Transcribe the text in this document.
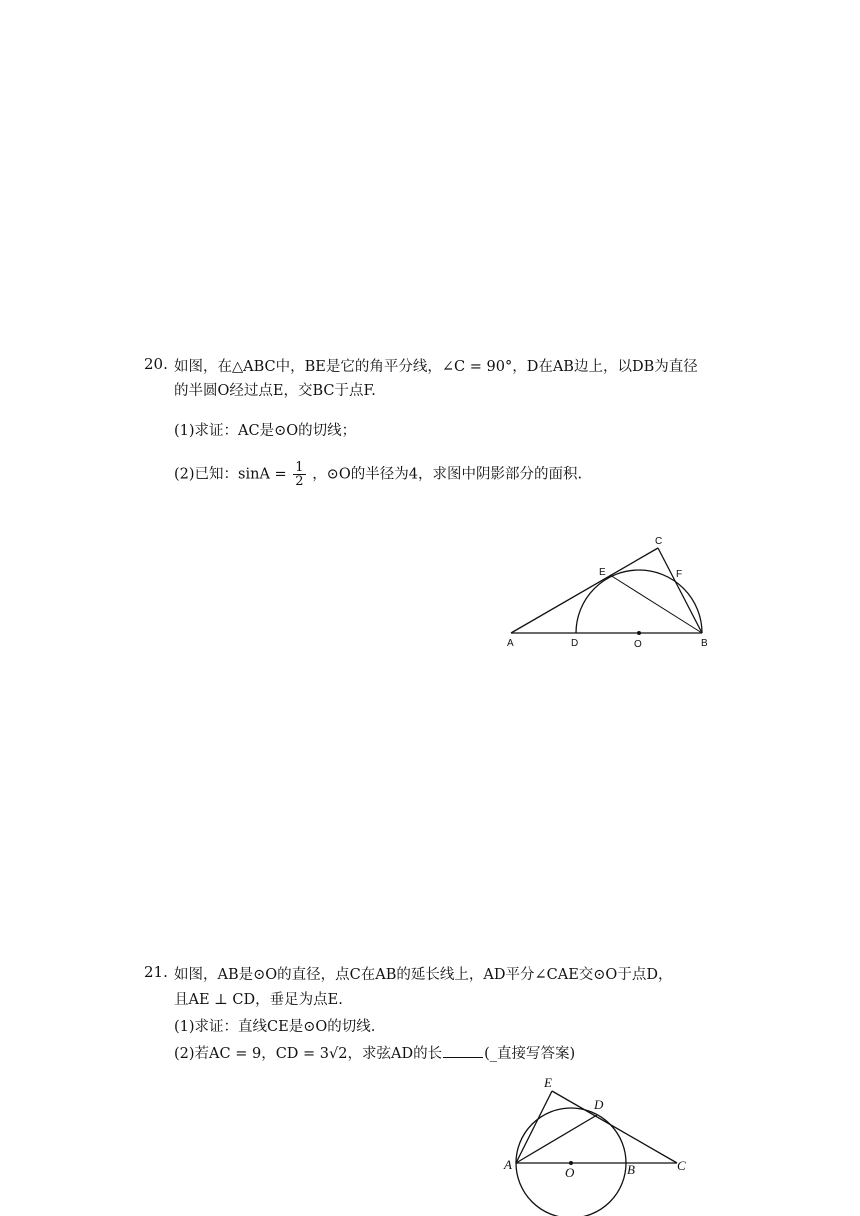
20. 如图，在△ABC中，BE是它的角平分线，∠C = 90°，D在AB边上，以DB为直径
的半圆O经过点E，交BC于点F.
(1)求证：AC是⊙O的切线；
(2)已知：$\sin A = \frac{1}{2}$ ，⊙O的半径为4，求图中阴影部分的面积.
A	D	O	B
E	F
C
21. 如图，AB是⊙O的直径，点C在AB的延长线上，AD平分∠CAE交⊙O于点D，
且AE ⊥ CD，垂足为点E.
(1)求证：直线CE是⊙O的切线.
(2)若AC = 9，CD = 3√2，求弦AD的长	(_直接写答案)
E
D
A
O	B	C
